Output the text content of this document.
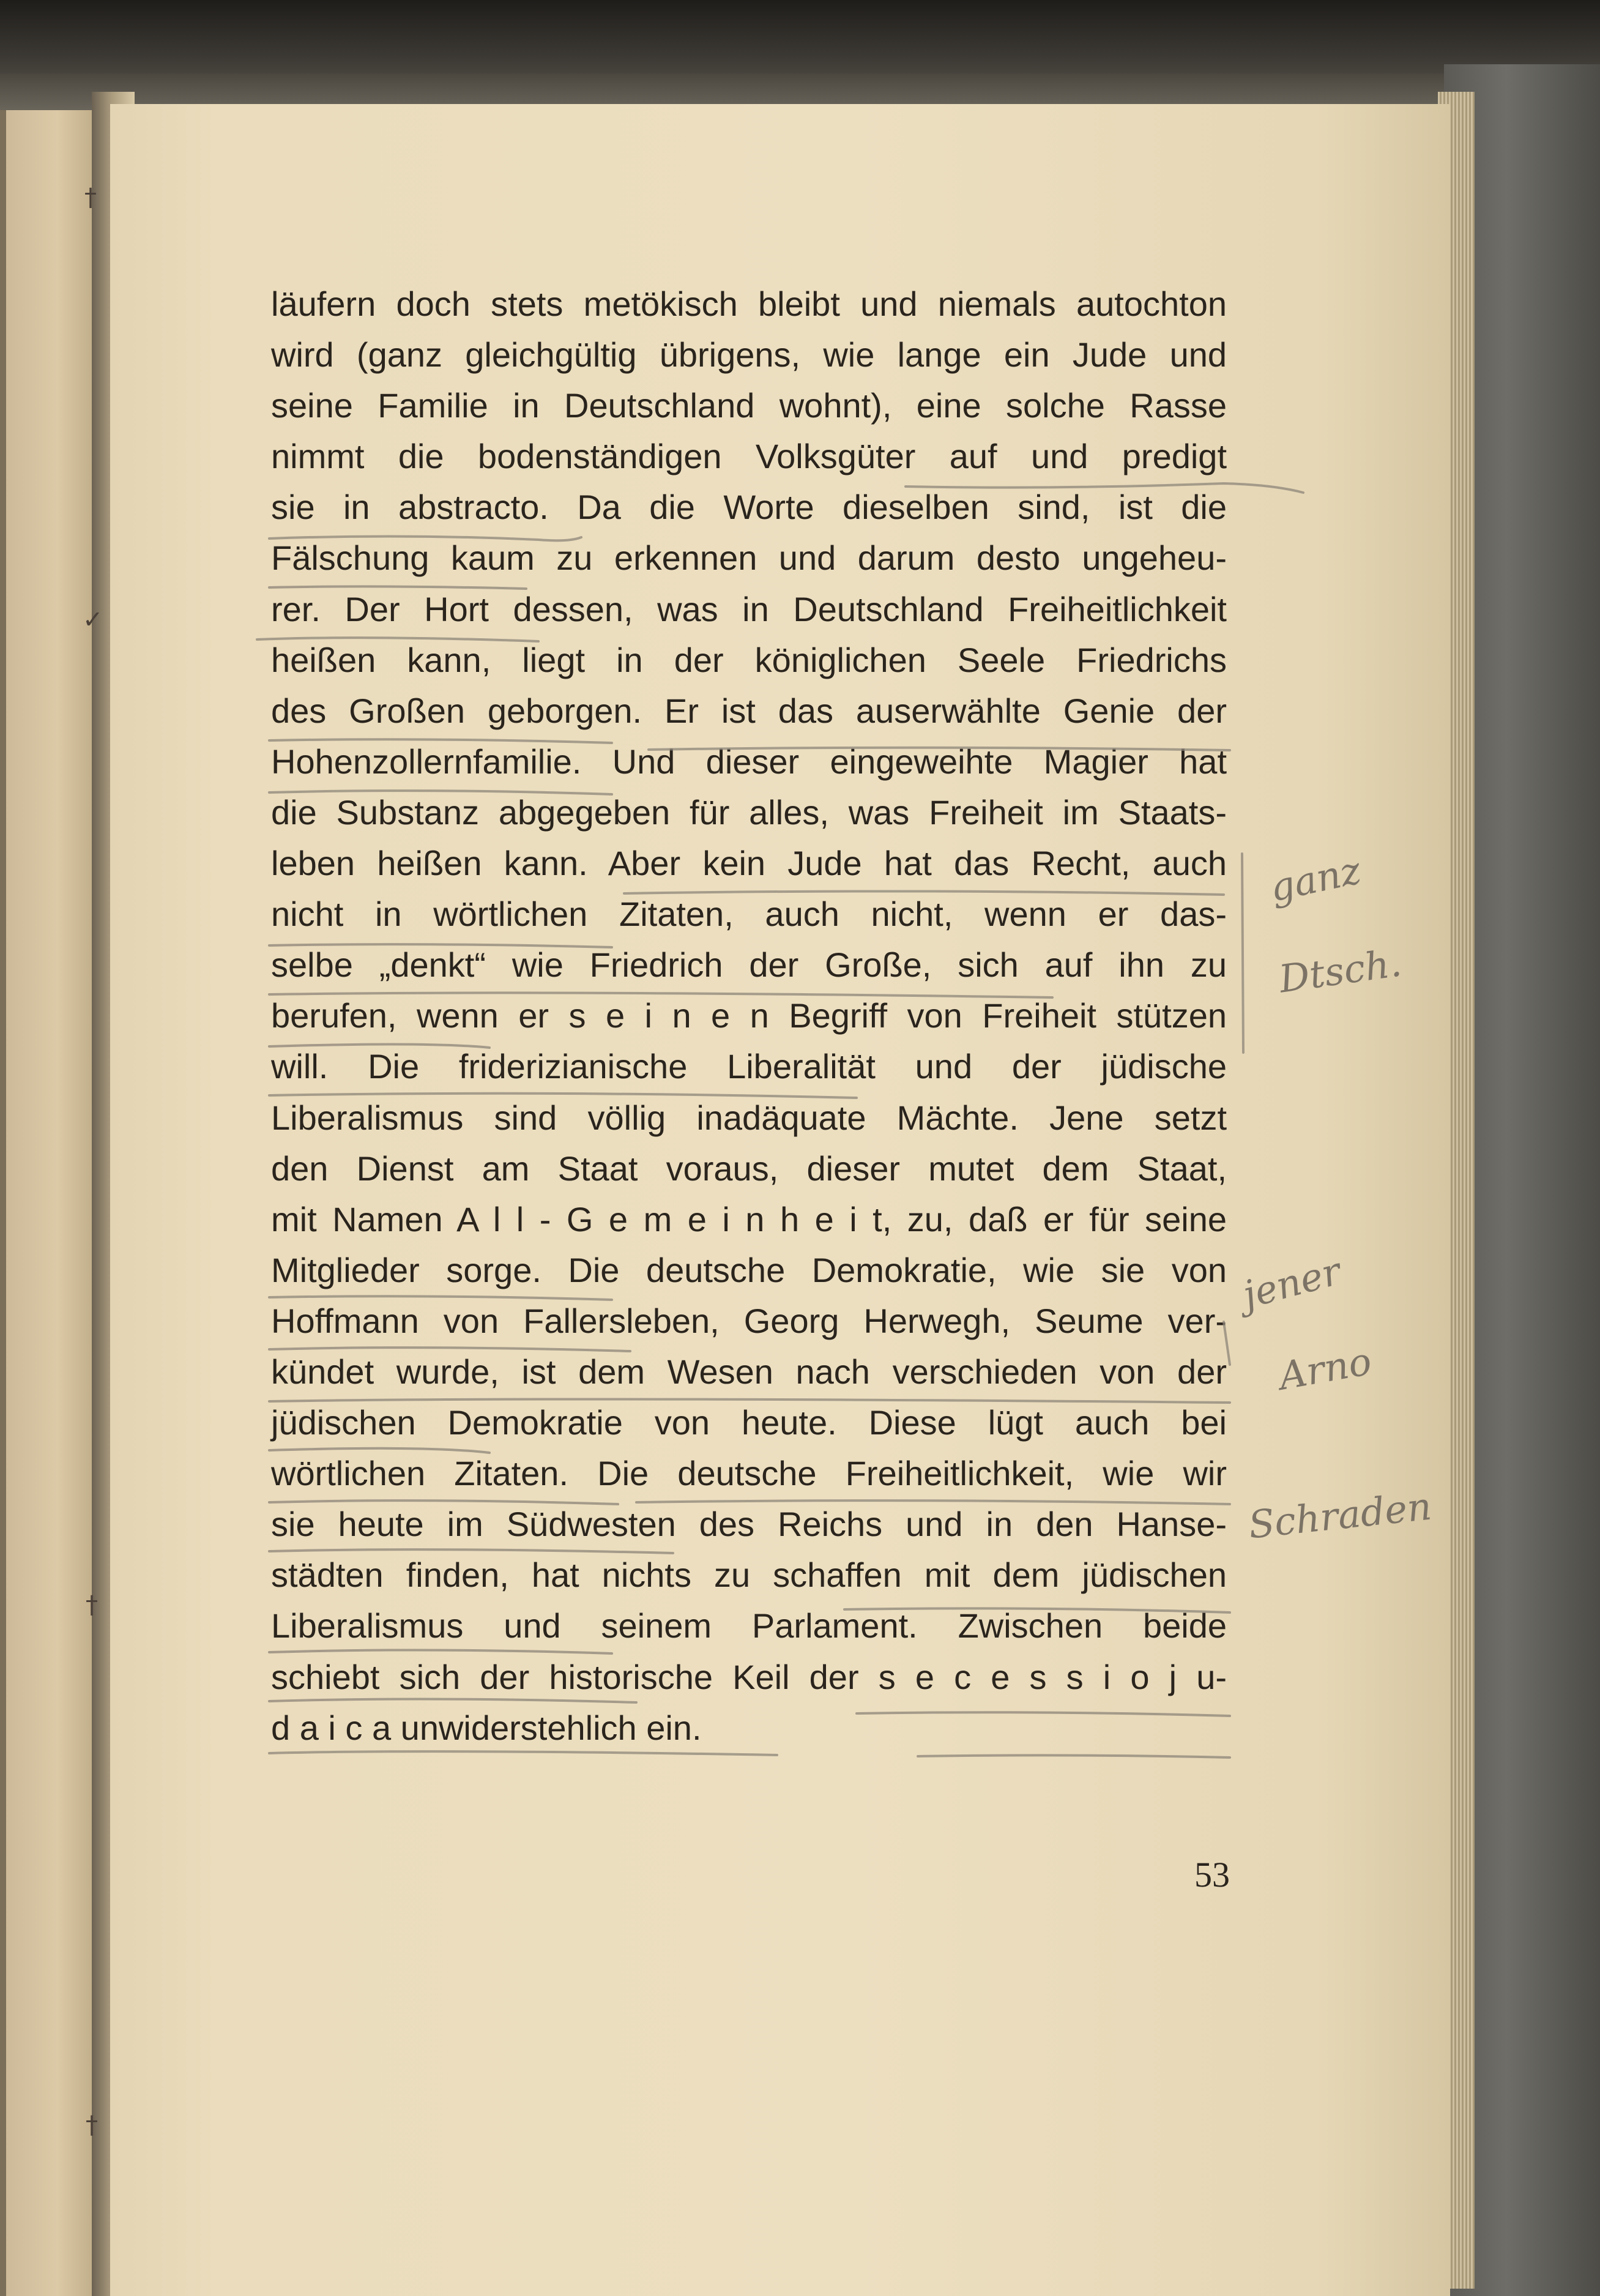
läufern doch stets metökisch bleibt und niemals autochton
wird (ganz gleichgültig übrigens, wie lange ein Jude und
seine Familie in Deutschland wohnt), eine solche Rasse
nimmt die bodenständigen Volksgüter auf und predigt
sie in abstracto. Da die Worte dieselben sind, ist die
Fälschung kaum zu erkennen und darum desto ungeheu-
rer. Der Hort dessen, was in Deutschland Freiheitlichkeit
heißen kann, liegt in der königlichen Seele Friedrichs
des Großen geborgen. Er ist das auserwählte Genie der
Hohenzollernfamilie. Und dieser eingeweihte Magier hat
die Substanz abgegeben für alles, was Freiheit im Staats-
leben heißen kann. Aber kein Jude hat das Recht, auch
nicht in wörtlichen Zitaten, auch nicht, wenn er das-
selbe „denkt“ wie Friedrich der Große, sich auf ihn zu
berufen, wenn er s e i n e n Begriff von Freiheit stützen
will. Die friderizianische Liberalität und der jüdische
Liberalismus sind völlig inadäquate Mächte. Jene setzt
den Dienst am Staat voraus, dieser mutet dem Staat,
mit Namen A l l - G e m e i n h e i t, zu, daß er für seine
Mitglieder sorge. Die deutsche Demokratie, wie sie von
Hoffmann von Fallersleben, Georg Herwegh, Seume ver-
kündet wurde, ist dem Wesen nach verschieden von der
jüdischen Demokratie von heute. Diese lügt auch bei
wörtlichen Zitaten. Die deutsche Freiheitlichkeit, wie wir
sie heute im Südwesten des Reichs und in den Hanse-
städten finden, hat nichts zu schaffen mit dem jüdischen
Liberalismus und seinem Parlament. Zwischen beide
schiebt sich der historische Keil der s e c e s s i o j u-
d a i c a unwiderstehlich ein.
53
ganz
Dtsch.
jener
Arno
Schraden
†
✓
†
†
